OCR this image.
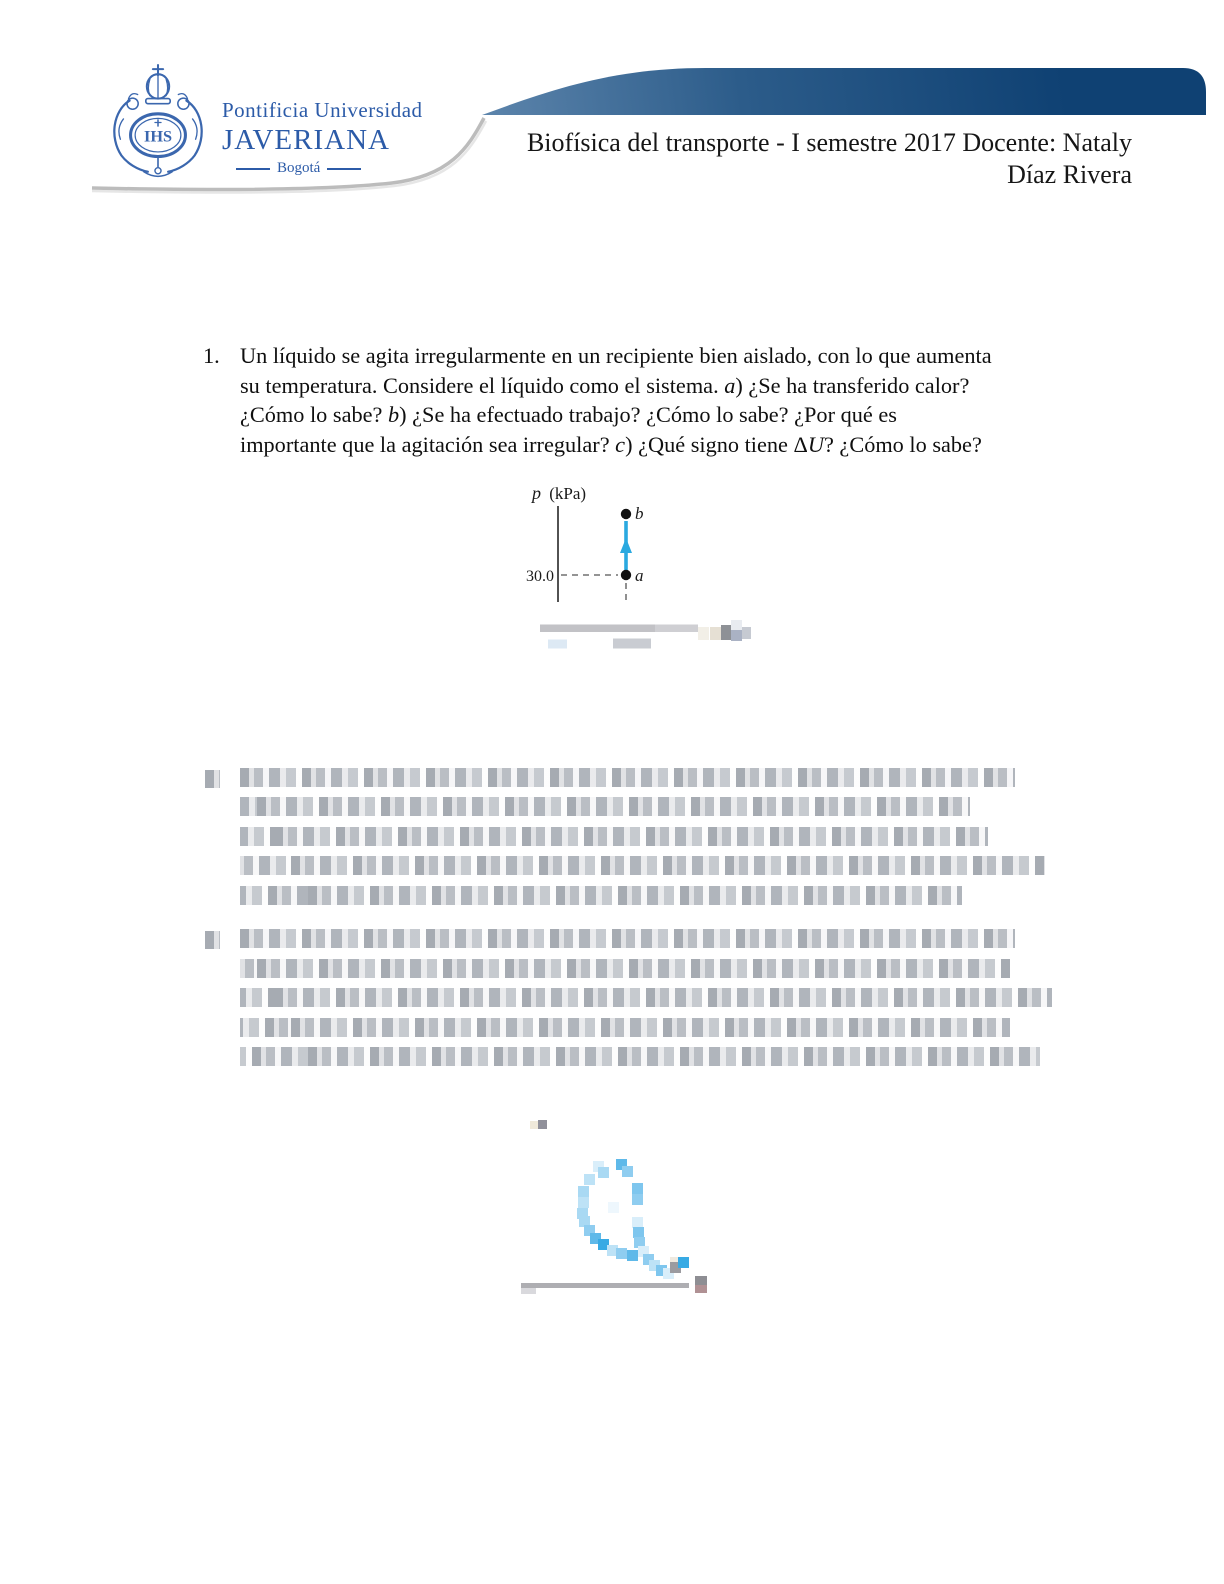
IHS
Pontificia Universidad
JAVERIANA
Bogotá
Biofísica del transporte - I semestre 2017 Docente: Nataly
Díaz Rivera
1. Un líquido se agita irregularmente en un recipiente bien aislado, con lo que aumenta
su temperatura. Considere el líquido como el sistema. a) ¿Se ha transferido calor?
¿Cómo lo sabe? b) ¿Se ha efectuado trabajo? ¿Cómo lo sabe? ¿Por qué es
importante que la agitación sea irregular? c) ¿Qué signo tiene ΔU? ¿Cómo lo sabe?
p (kPa)
30.0
b
a
